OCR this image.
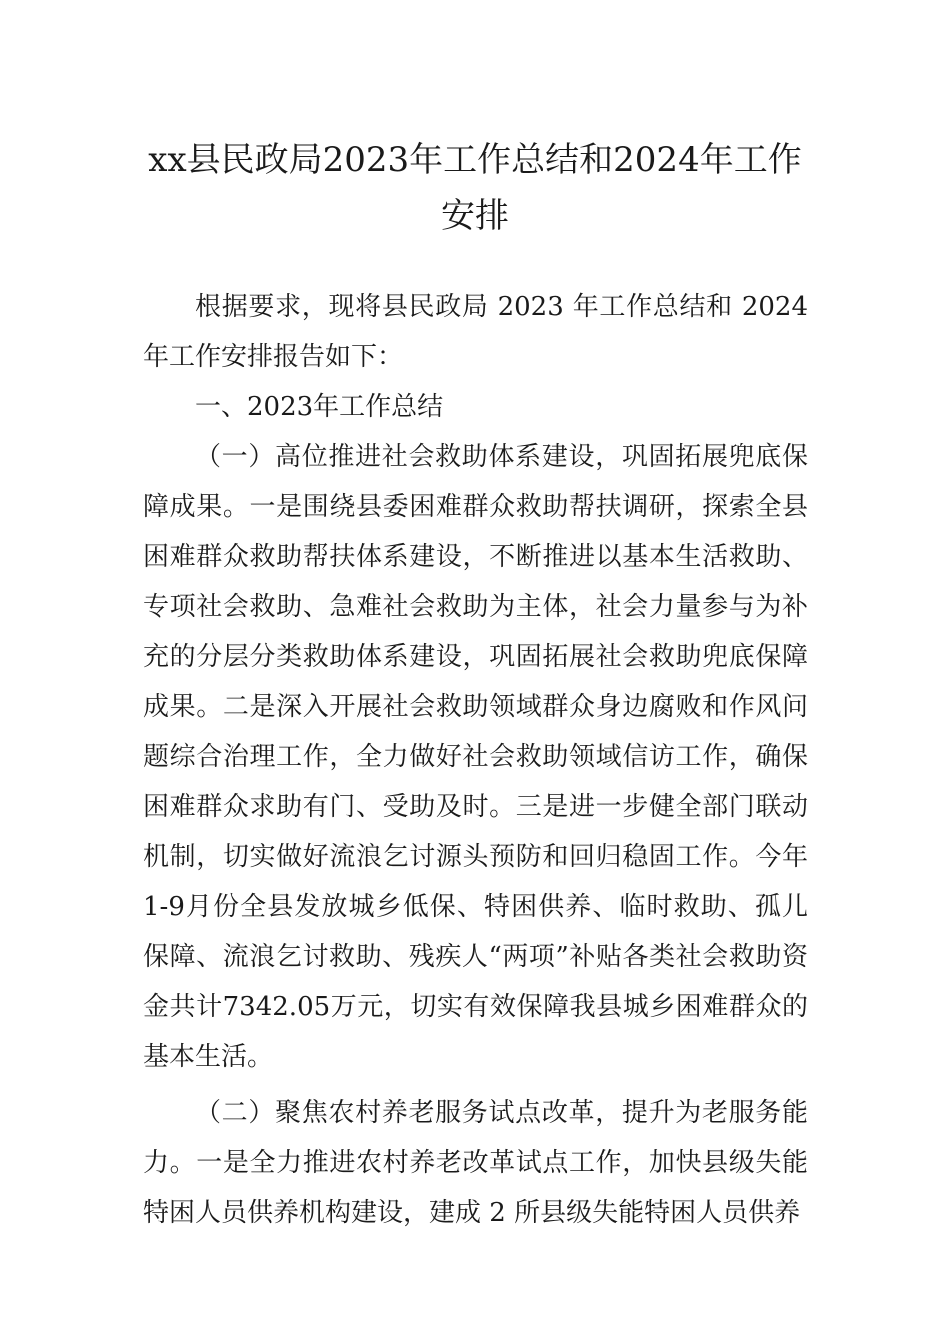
xx县民政局2023年工作总结和2024年工作安排

根据要求，现将县民政局 2023 年工作总结和 2024 年工作安排报告如下：

一、2023年工作总结

（一）高位推进社会救助体系建设，巩固拓展兜底保障成果。一是围绕县委困难群众救助帮扶调研，探索全县困难群众救助帮扶体系建设，不断推进以基本生活救助、专项社会救助、急难社会救助为主体，社会力量参与为补充的分层分类救助体系建设，巩固拓展社会救助兜底保障成果。二是深入开展社会救助领域群众身边腐败和作风问题综合治理工作，全力做好社会救助领域信访工作，确保困难群众求助有门、受助及时。三是进一步健全部门联动机制，切实做好流浪乞讨源头预防和回归稳固工作。今年1-9月份全县发放城乡低保、特困供养、临时救助、孤儿保障、流浪乞讨救助、残疾人“两项”补贴各类社会救助资金共计7342.05万元，切实有效保障我县城乡困难群众的基本生活。

（二）聚焦农村养老服务试点改革，提升为老服务能力。一是全力推进农村养老改革试点工作，加快县级失能特困人员供养机构建设，建成 2 所县级失能特困人员供养
